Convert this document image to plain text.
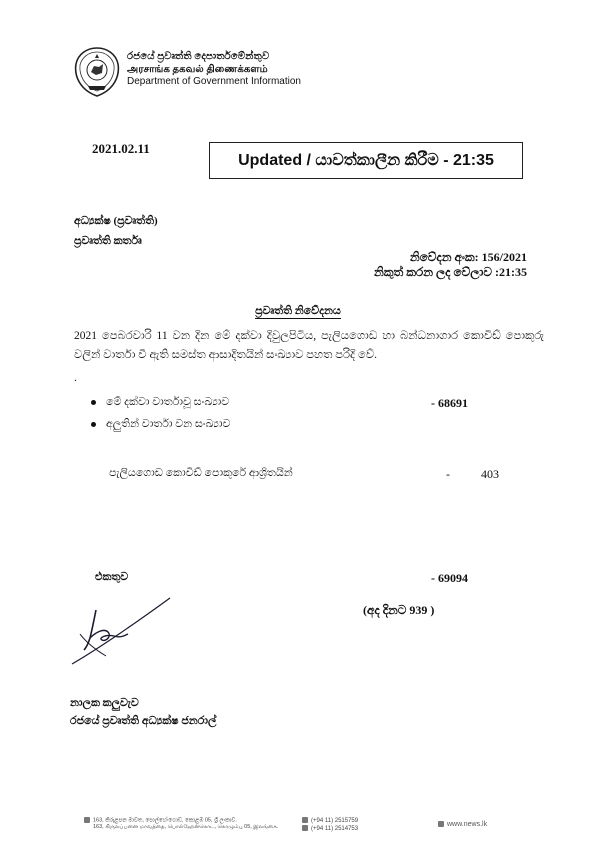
රජයේ ප්‍රවෘත්ති දෙපාර්තමේන්තුව
அரசாங்க தகவல் திணைக்களம்
Department of Government Information
2021.02.11
Updated / යාවත්කාලීන කිරීම - 21:35
අධ්‍යක්ෂ (ප්‍රවෘත්ති)
ප්‍රවෘත්ති කර්තෘ
නිවේදන අංක: 156/2021
නිකුත් කරන ලද වේලාව :21:35
ප්‍රවෘත්ති නිවේදනය
2021 පෙබරවාරි 11 වන දින මේ දක්වා දිවුලපිටිය, පැලියගොඩ හා බන්ධනාගාර කොවිඩ් පොකුරු වලින් වාර්තා වී ඇති සමස්ත ආසාදිතයින් සංඛ්‍යාව පහත පරිදි වේ.
.
මේ දක්වා වාර්තාවූ සංඛ්‍යාව	- 68691
අලුතින් වාර්තා වන සංඛ්‍යාව
පැලියගොඩ කොවිඩ් පොකුරේ ආශ්‍රිතයින්	-	403
එකතුව	- 69094
(අද දිනට 939 )
නාලක කලුවැව
රජයේ ප්‍රවෘත්ති අධ්‍යක්ෂ ජනරාල්
163, කිරුළපන මාවත, පොල්හේංගොඩ, කොළඹ 05, ශ්‍රී ලංකාව.
163, கிருலப்பனை மாவத்தை, பொல்ஹேன்கொட, கொழும்பு 05, இலங்கை.
(+94 11) 2515759
(+94 11) 2514753
www.news.lk
